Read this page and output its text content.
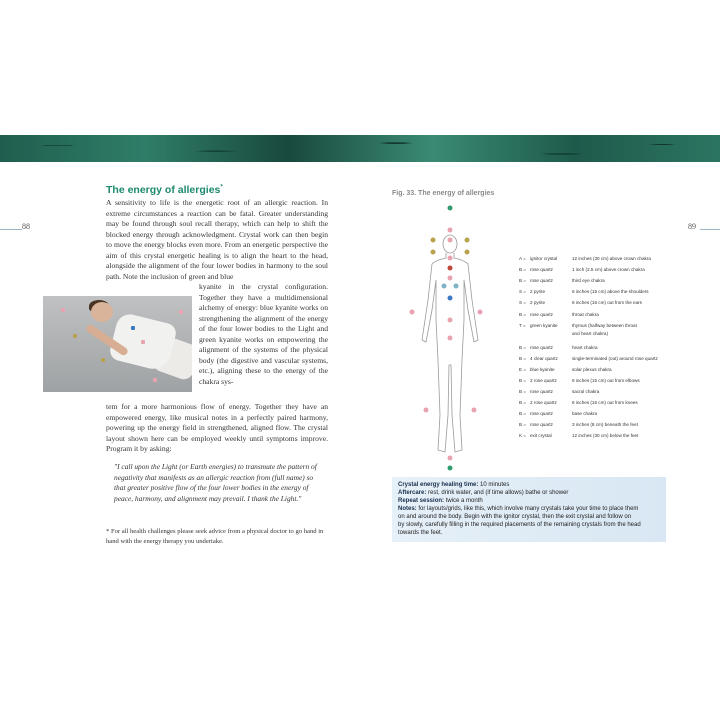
88	89
The energy of allergies*
A sensitivity to life is the energetic root of an allergic reaction. In extreme circumstances a reaction can be fatal. Greater understanding may be found through soul recall therapy, which can help to shift the blocked energy through acknowledgment. Crystal work can then begin to move the energy blocks even more. From an energetic perspective the aim of this crystal energetic healing is to align the heart to the head, alongside the alignment of the four lower bodies in harmony to the soul path. Note the inclusion of green and blue
kyanite in the crystal configuration. Together they have a multidimensional alchemy of energy: blue kyanite works on strengthening the alignment of the energy of the four lower bodies to the Light and green kyanite works on empowering the alignment of the systems of the physical body (the digestive and vascular systems, etc.), aligning these to the energy of the chakra sys-
tem for a more harmonious flow of energy. Together they have an empowered energy, like musical notes in a perfectly paired harmony, powering up the energy field in strengthened, aligned flow. The crystal layout shown here can be employed weekly until symptoms improve. Program it by asking:
"I call upon the Light (or Earth energies) to transmute the pattern of negativity that manifests as an allergic reaction from (full name) so that greater positive flow of the four lower bodies in the energy of peace, harmony, and alignment may prevail. I thank the Light."
* For all health challenges please seek advice from a physical doctor to go hand in hand with the energy therapy you undertake.
Fig. 33. The energy of allergies
A = ignitor crystal	12 inches (30 cm) above crown chakra
B = rose quartz	1 inch (2.5 cm) above crown chakra
B = rose quartz	third eye chakra
S = 2 pyrite	6 inches (15 cm) above the shoulders
S = 2 pyrite	6 inches (15 cm) out from the ears
B = rose quartz	throat chakra
T = green kyanite	thymus (halfway between throat
and heart chakra)
B = rose quartz	heart chakra
B = 4 clear quartz	single-terminated (out) around rose quartz
E = blue kyanite	solar plexus chakra
B = 2 rose quartz	6 inches (15 cm) out from elbows
B = rose quartz	sacral chakra
B = 2 rose quartz	6 inches (15 cm) out from knees
B = rose quartz	base chakra
B = rose quartz	3 inches (8 cm) beneath the feet
K = exit crystal	12 inches (30 cm) below the feet
Crystal energy healing time: 10 minutes
Aftercare: rest, drink water, and (if time allows) bathe or shower
Repeat session: twice a month
Notes: for layouts/grids, like this, which involve many crystals take your time to place them
on and around the body. Begin with the ignitor crystal, then the exit crystal and follow on
by slowly, carefully filling in the required placements of the remaining crystals from the head
towards the feet.
